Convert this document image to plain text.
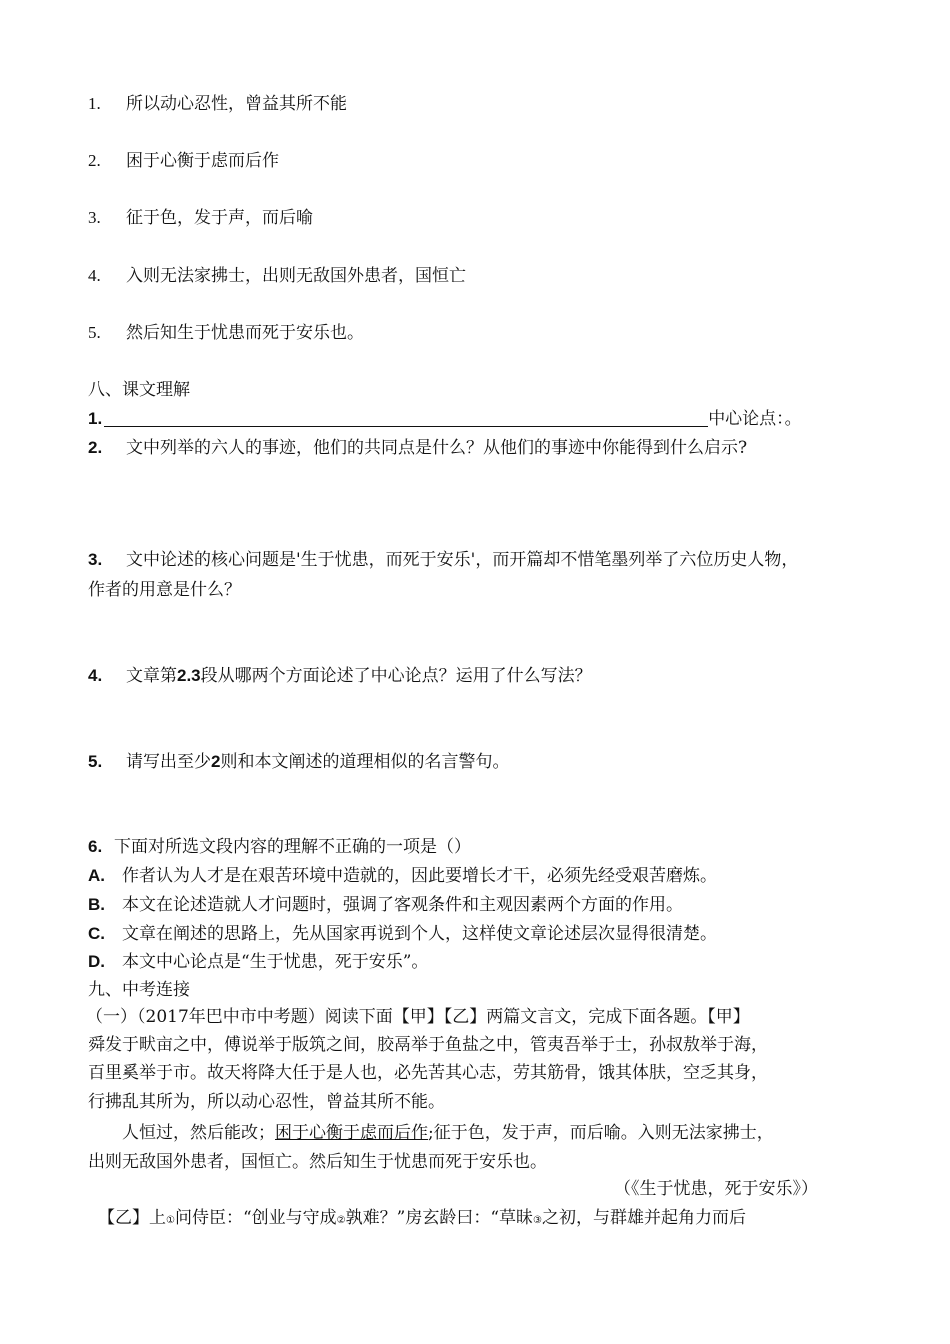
1. 所以动心忍性，曾益其所不能
2. 困于心衡于虑而后作
3. 征于色，发于声，而后喻
4. 入则无法家拂士，出则无敌国外患者，国恒亡
5. 然后知生于忧患而死于安乐也。
八、课文理解
1.	中心论点：。
2. 文中列举的六人的事迹，他们的共同点是什么？从他们的事迹中你能得到什么启示?
3. 文中论述的核心问题是'生于忧患，而死于安乐'，而开篇却不惜笔墨列举了六位历史人物，
作者的用意是什么？
4. 文章第2.3段从哪两个方面论述了中心论点？运用了什么写法？
5. 请写出至少2则和本文阐述的道理相似的名言警句。
6. 下面对所选文段内容的理解不正确的一项是（）
A. 作者认为人才是在艰苦环境中造就的，因此要增长才干，必须先经受艰苦磨炼。
B. 本文在论述造就人才问题时，强调了客观条件和主观因素两个方面的作用。
C. 文章在阐述的思路上，先从国家再说到个人，这样使文章论述层次显得很清楚。
D. 本文中心论点是“生于忧患，死于安乐”。
九、中考连接
（一）（2017年巴中市中考题）阅读下面【甲】【乙】两篇文言文，完成下面各题。【甲】
舜发于畎亩之中，傅说举于版筑之间，胶鬲举于鱼盐之中，管夷吾举于士，孙叔敖举于海，
百里奚举于市。故天将降大任于是人也，必先苦其心志，劳其筋骨，饿其体肤，空乏其身，
行拂乱其所为，所以动心忍性，曾益其所不能。
人恒过，然后能改；困于心衡于虑而后作;征于色，发于声，而后喻。入则无法家拂士，
出则无敌国外患者，国恒亡。然后知生于忧患而死于安乐也。
（《生于忧患，死于安乐》）
【乙】上①问侍臣：“创业与守成②孰难？”房玄龄曰：“草昧③之初，与群雄并起角力而后
